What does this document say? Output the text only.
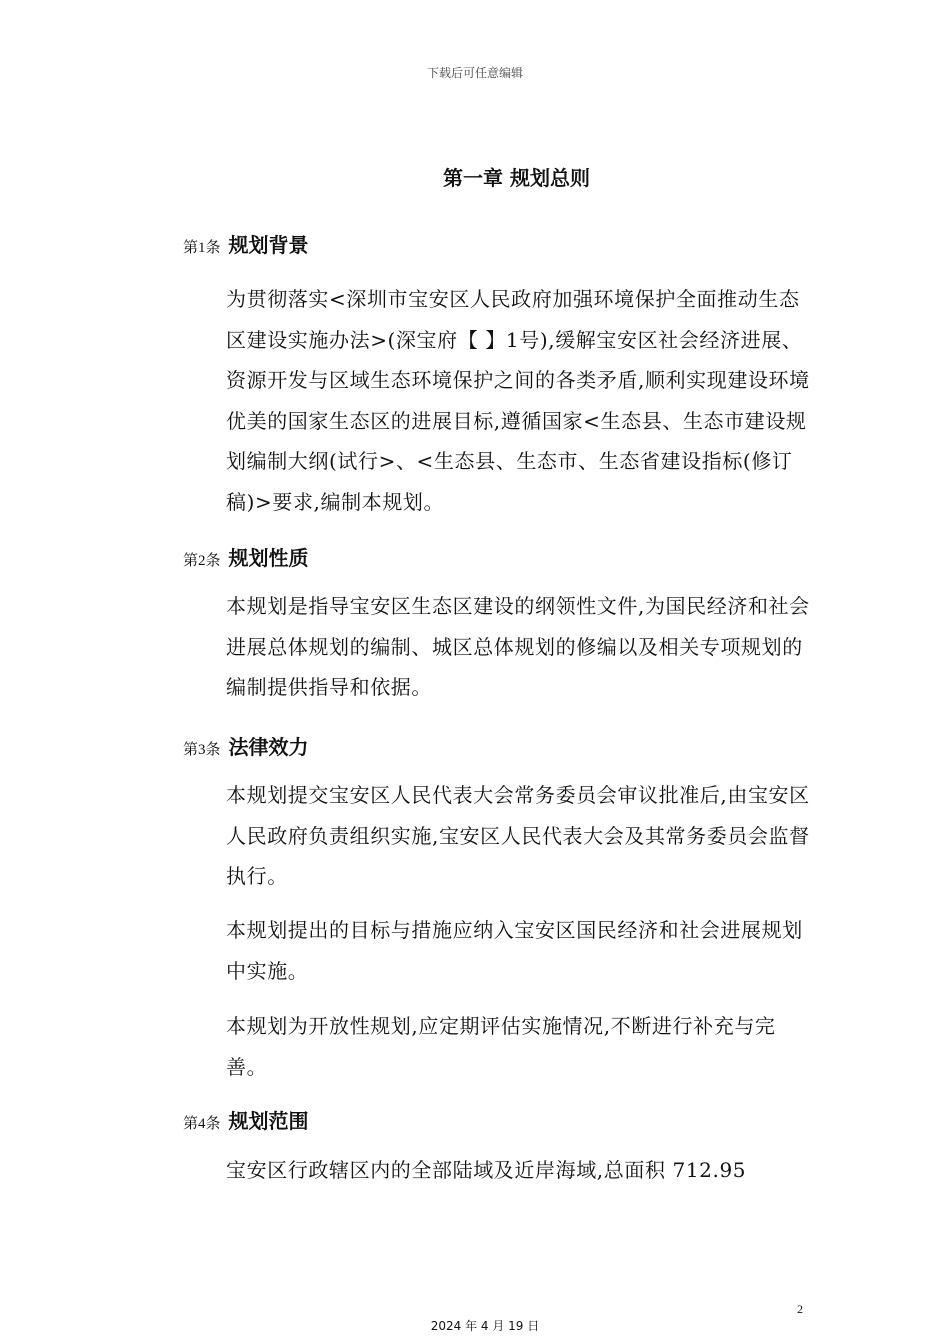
下载后可任意编辑
第一章 规划总则
第1条 规划背景

为贯彻落实<深圳市宝安区人民政府加强环境保护全面推动生态区建设实施办法>(深宝府【 】1号),缓解宝安区社会经济进展、资源开发与区域生态环境保护之间的各类矛盾,顺利实现建设环境优美的国家生态区的进展目标,遵循国家<生态县、生态市建设规划编制大纲(试行>、<生态县、生态市、生态省建设指标(修订稿)>要求,编制本规划。

第2条 规划性质

本规划是指导宝安区生态区建设的纲领性文件,为国民经济和社会进展总体规划的编制、城区总体规划的修编以及相关专项规划的编制提供指导和依据。

第3条 法律效力

本规划提交宝安区人民代表大会常务委员会审议批准后,由宝安区人民政府负责组织实施,宝安区人民代表大会及其常务委员会监督执行。

本规划提出的目标与措施应纳入宝安区国民经济和社会进展规划中实施。

本规划为开放性规划,应定期评估实施情况,不断进行补充与完善。

第4条 规划范围

宝安区行政辖区内的全部陆域及近岸海域,总面积 712.95

2
2024 年 4 月 19 日
